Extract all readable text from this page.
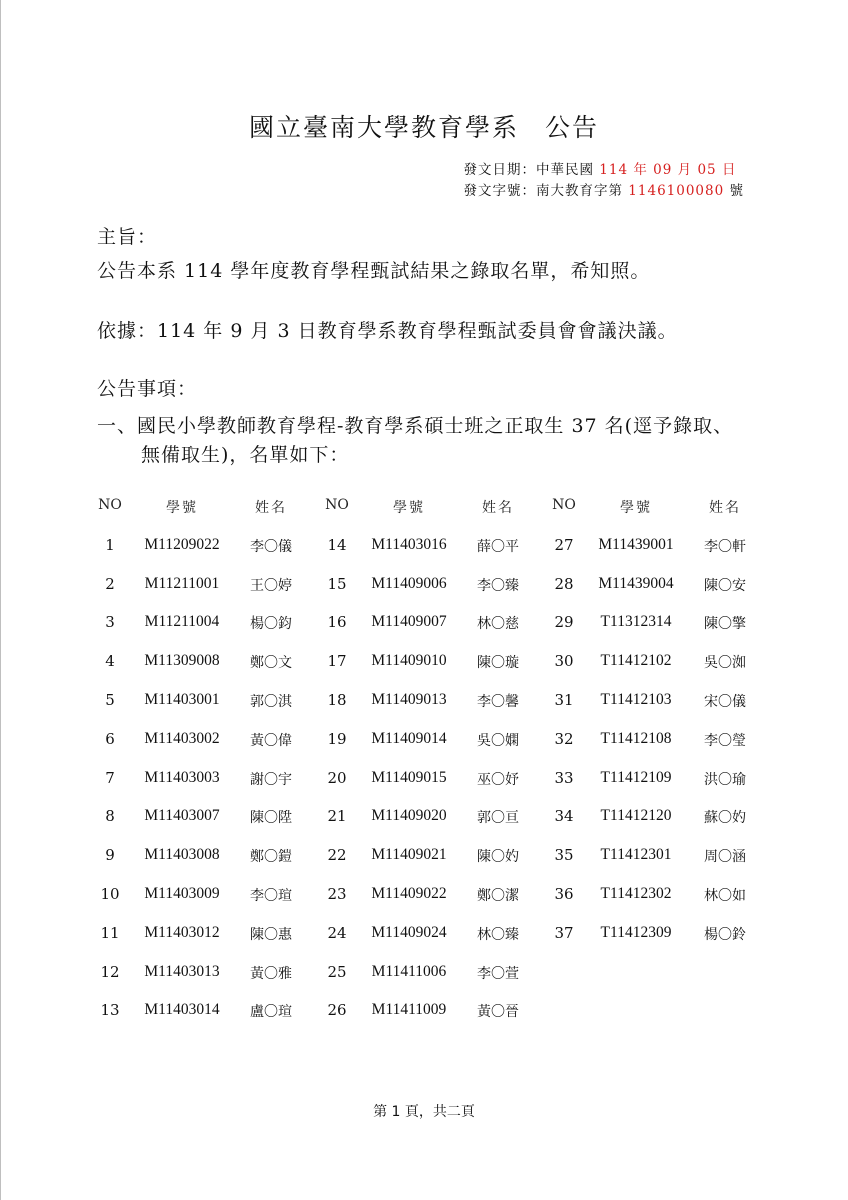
國立臺南大學教育學系 公告
發文日期：中華民國 114 年 09 月 05 日
發文字號：南大教育字第 1146100080 號
主旨：
公告本系 114 學年度教育學程甄試結果之錄取名單，希知照。
依據：114 年 9 月 3 日教育學系教育學程甄試委員會會議決議。
公告事項：
一、國民小學教師教育學程-教育學系碩士班之正取生 37 名(逕予錄取、
無備取生)，名單如下：
NO	學號	姓名
1	M11209022	李〇儀
2	M11211001	王〇婷
3	M11211004	楊〇鈞
4	M11309008	鄭〇文
5	M11403001	郭〇淇
6	M11403002	黃〇偉
7	M11403003	謝〇宇
8	M11403007	陳〇陞
9	M11403008	鄭〇鎧
10	M11403009	李〇瑄
11	M11403012	陳〇惠
12	M11403013	黃〇雅
13	M11403014	盧〇瑄
NO	學號	姓名
14	M11403016	薛〇平
15	M11409006	李〇臻
16	M11409007	林〇慈
17	M11409010	陳〇璇
18	M11409013	李〇馨
19	M11409014	吳〇嫻
20	M11409015	巫〇妤
21	M11409020	郭〇亘
22	M11409021	陳〇妁
23	M11409022	鄭〇潔
24	M11409024	林〇臻
25	M11411006	李〇萱
26	M11411009	黃〇晉
NO	學號	姓名
27	M11439001	李〇軒
28	M11439004	陳〇安
29	T11312314	陳〇擎
30	T11412102	吳〇洳
31	T11412103	宋〇儀
32	T11412108	李〇瑩
33	T11412109	洪〇瑜
34	T11412120	蘇〇妁
35	T11412301	周〇涵
36	T11412302	林〇如
37	T11412309	楊〇鈴
第 1 頁，共二頁
